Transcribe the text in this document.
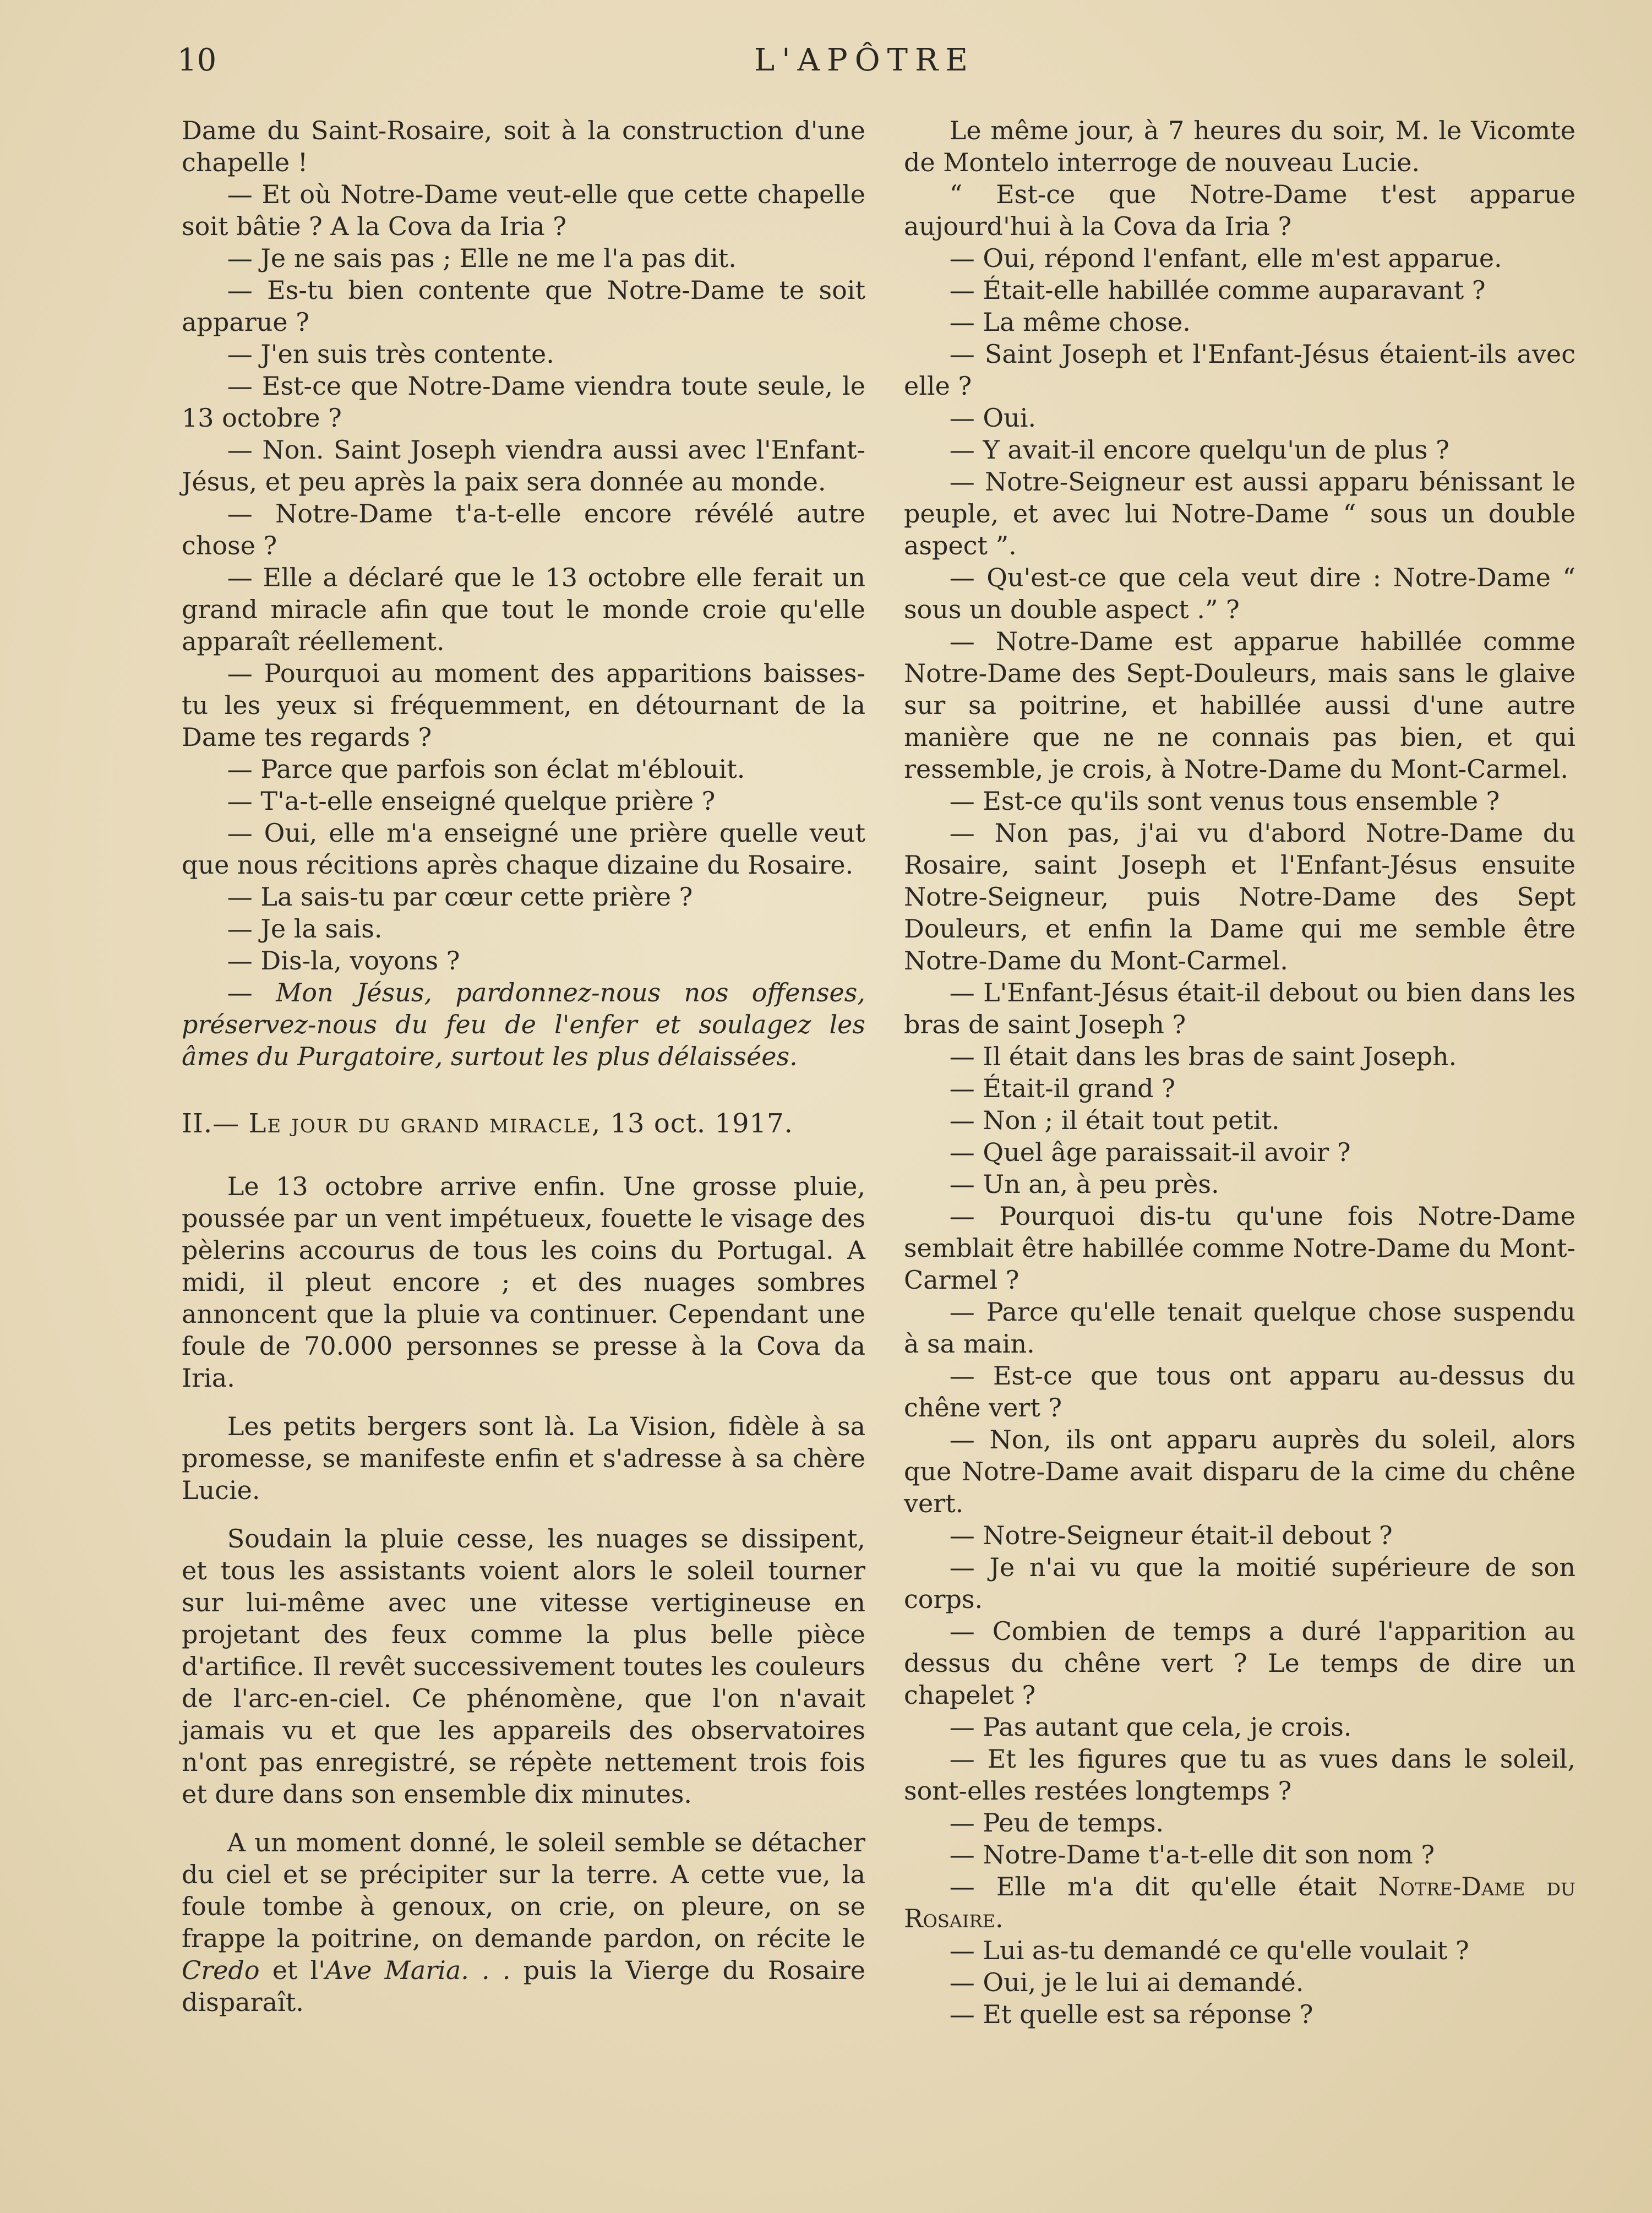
10	L'APÔTRE

Dame du Saint-Rosaire, soit à la construction d'une chapelle !

— Et où Notre-Dame veut-elle que cette chapelle soit bâtie ? A la Cova da Iria ?

— Je ne sais pas ; Elle ne me l'a pas dit.

— Es-tu bien contente que Notre-Dame te soit apparue ?

— J'en suis très contente.

— Est-ce que Notre-Dame viendra toute seule, le 13 octobre ?

— Non. Saint Joseph viendra aussi avec l'Enfant-Jésus, et peu après la paix sera donnée au monde.

— Notre-Dame t'a-t-elle encore révélé autre chose ?

— Elle a déclaré que le 13 octobre elle ferait un grand miracle afin que tout le monde croie qu'elle apparaît réellement.

— Pourquoi au moment des apparitions baisses-tu les yeux si fréquemment, en détournant de la Dame tes regards ?

— Parce que parfois son éclat m'éblouit.

— T'a-t-elle enseigné quelque prière ?

— Oui, elle m'a enseigné une prière quelle veut que nous récitions après chaque dizaine du Rosaire.

— La sais-tu par cœur cette prière ?

— Je la sais.

— Dis-la, voyons ?

— Mon Jésus, pardonnez-nous nos offenses, préservez-nous du feu de l'enfer et soulagez les âmes du Purgatoire, surtout les plus délaissées.

II.— Le jour du grand miracle, 13 oct. 1917.

Le 13 octobre arrive enfin. Une grosse pluie, poussée par un vent impétueux, fouette le visage des pèlerins accourus de tous les coins du Portugal. A midi, il pleut encore ; et des nuages sombres annoncent que la pluie va continuer. Cependant une foule de 70.000 personnes se presse à la Cova da Iria.

Les petits bergers sont là. La Vision, fidèle à sa promesse, se manifeste enfin et s'adresse à sa chère Lucie.

Soudain la pluie cesse, les nuages se dissipent, et tous les assistants voient alors le soleil tourner sur lui-même avec une vitesse vertigineuse en projetant des feux comme la plus belle pièce d'artifice. Il revêt successivement toutes les couleurs de l'arc-en-ciel. Ce phénomène, que l'on n'avait jamais vu et que les appareils des observatoires n'ont pas enregistré, se répète nettement trois fois et dure dans son ensemble dix minutes.

A un moment donné, le soleil semble se détacher du ciel et se précipiter sur la terre. A cette vue, la foule tombe à genoux, on crie, on pleure, on se frappe la poitrine, on demande pardon, on récite le Credo et l'Ave Maria. . . puis la Vierge du Rosaire disparaît.

Le même jour, à 7 heures du soir, M. le Vicomte de Montelo interroge de nouveau Lucie.

“ Est-ce que Notre-Dame t'est apparue aujourd'hui à la Cova da Iria ?

— Oui, répond l'enfant, elle m'est apparue.

— Était-elle habillée comme auparavant ?

— La même chose.

— Saint Joseph et l'Enfant-Jésus étaient-ils avec elle ?

— Oui.

— Y avait-il encore quelqu'un de plus ?

— Notre-Seigneur est aussi apparu bénissant le peuple, et avec lui Notre-Dame “ sous un double aspect ”.

— Qu'est-ce que cela veut dire : Notre-Dame “ sous un double aspect .” ?

— Notre-Dame est apparue habillée comme Notre-Dame des Sept-Douleurs, mais sans le glaive sur sa poitrine, et habillée aussi d'une autre manière que ne ne connais pas bien, et qui ressemble, je crois, à Notre-Dame du Mont-Carmel.

— Est-ce qu'ils sont venus tous ensemble ?

— Non pas, j'ai vu d'abord Notre-Dame du Rosaire, saint Joseph et l'Enfant-Jésus ensuite Notre-Seigneur, puis Notre-Dame des Sept Douleurs, et enfin la Dame qui me semble être Notre-Dame du Mont-Carmel.

— L'Enfant-Jésus était-il debout ou bien dans les bras de saint Joseph ?

— Il était dans les bras de saint Joseph.

— Était-il grand ?

— Non ; il était tout petit.

— Quel âge paraissait-il avoir ?

— Un an, à peu près.

— Pourquoi dis-tu qu'une fois Notre-Dame semblait être habillée comme Notre-Dame du Mont-Carmel ?

— Parce qu'elle tenait quelque chose suspendu à sa main.

— Est-ce que tous ont apparu au-dessus du chêne vert ?

— Non, ils ont apparu auprès du soleil, alors que Notre-Dame avait disparu de la cime du chêne vert.

— Notre-Seigneur était-il debout ?

— Je n'ai vu que la moitié supérieure de son corps.

— Combien de temps a duré l'apparition au dessus du chêne vert ? Le temps de dire un chapelet ?

— Pas autant que cela, je crois.

— Et les figures que tu as vues dans le soleil, sont-elles restées longtemps ?

— Peu de temps.

— Notre-Dame t'a-t-elle dit son nom ?

— Elle m'a dit qu'elle était Notre-Dame du Rosaire.

— Lui as-tu demandé ce qu'elle voulait ?

— Oui, je le lui ai demandé.

— Et quelle est sa réponse ?
